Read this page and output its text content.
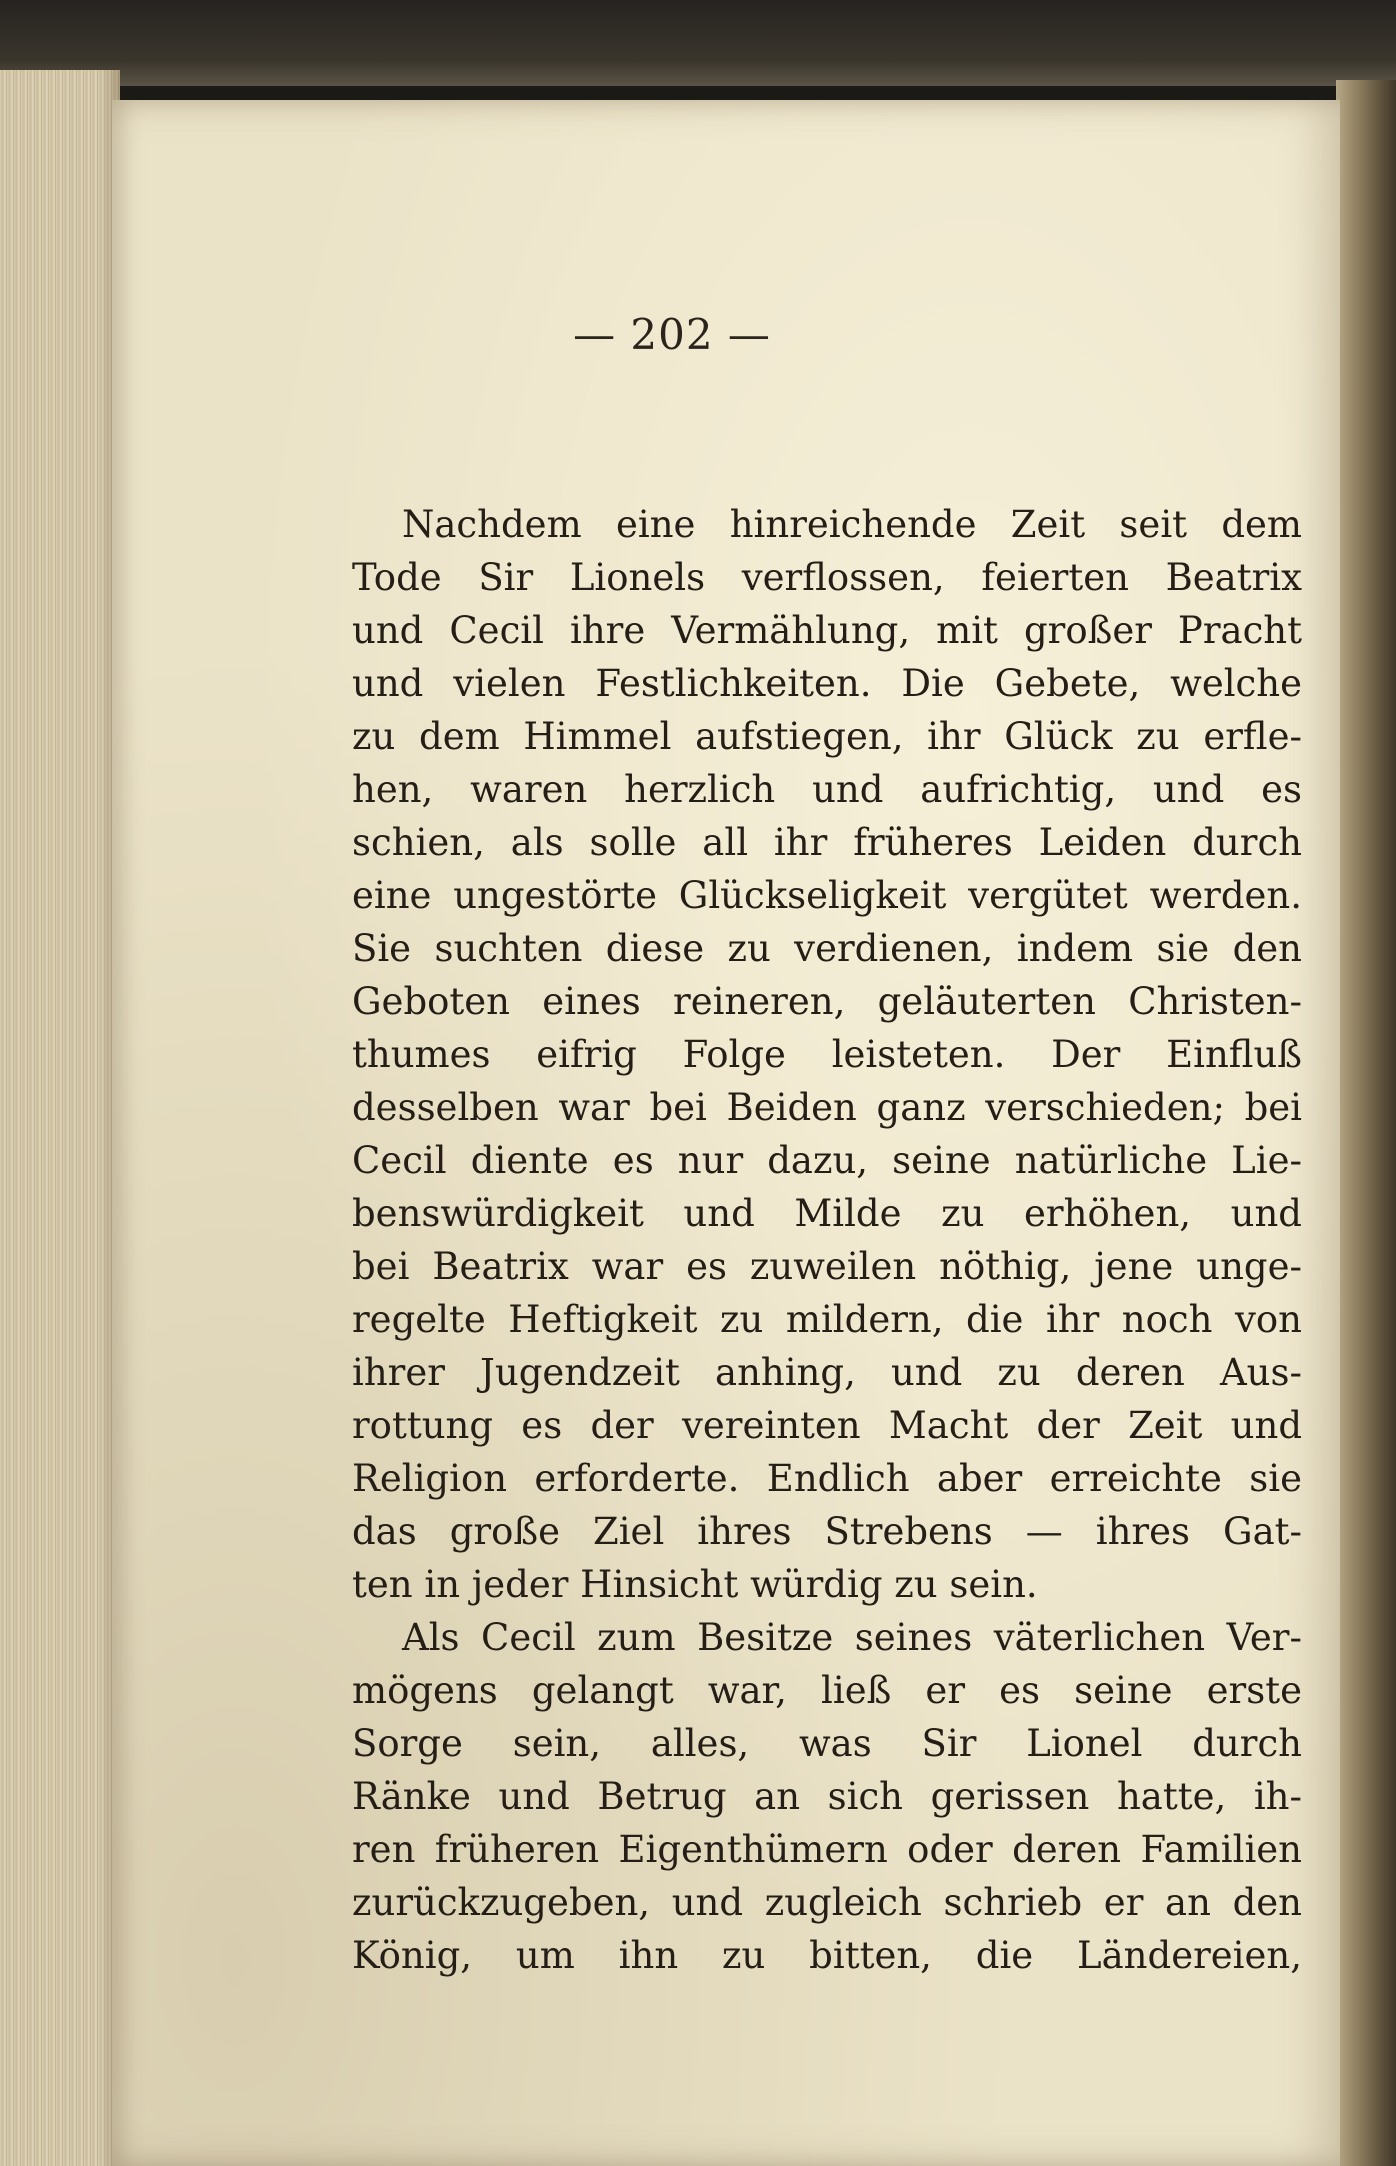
— 202 —
Nachdem eine hinreichende Zeit seit dem
Tode Sir Lionels verflossen, feierten Beatrix
und Cecil ihre Vermählung, mit großer Pracht
und vielen Festlichkeiten. Die Gebete, welche
zu dem Himmel aufstiegen, ihr Glück zu erfle-
hen, waren herzlich und aufrichtig, und es
schien, als solle all ihr früheres Leiden durch
eine ungestörte Glückseligkeit vergütet werden.
Sie suchten diese zu verdienen, indem sie den
Geboten eines reineren, geläuterten Christen-
thumes eifrig Folge leisteten. Der Einfluß
desselben war bei Beiden ganz verschieden; bei
Cecil diente es nur dazu, seine natürliche Lie-
benswürdigkeit und Milde zu erhöhen, und
bei Beatrix war es zuweilen nöthig, jene unge-
regelte Heftigkeit zu mildern, die ihr noch von
ihrer Jugendzeit anhing, und zu deren Aus-
rottung es der vereinten Macht der Zeit und
Religion erforderte. Endlich aber erreichte sie
das große Ziel ihres Strebens — ihres Gat-
ten in jeder Hinsicht würdig zu sein.
Als Cecil zum Besitze seines väterlichen Ver-
mögens gelangt war, ließ er es seine erste
Sorge sein, alles, was Sir Lionel durch
Ränke und Betrug an sich gerissen hatte, ih-
ren früheren Eigenthümern oder deren Familien
zurückzugeben, und zugleich schrieb er an den
König, um ihn zu bitten, die Ländereien,
